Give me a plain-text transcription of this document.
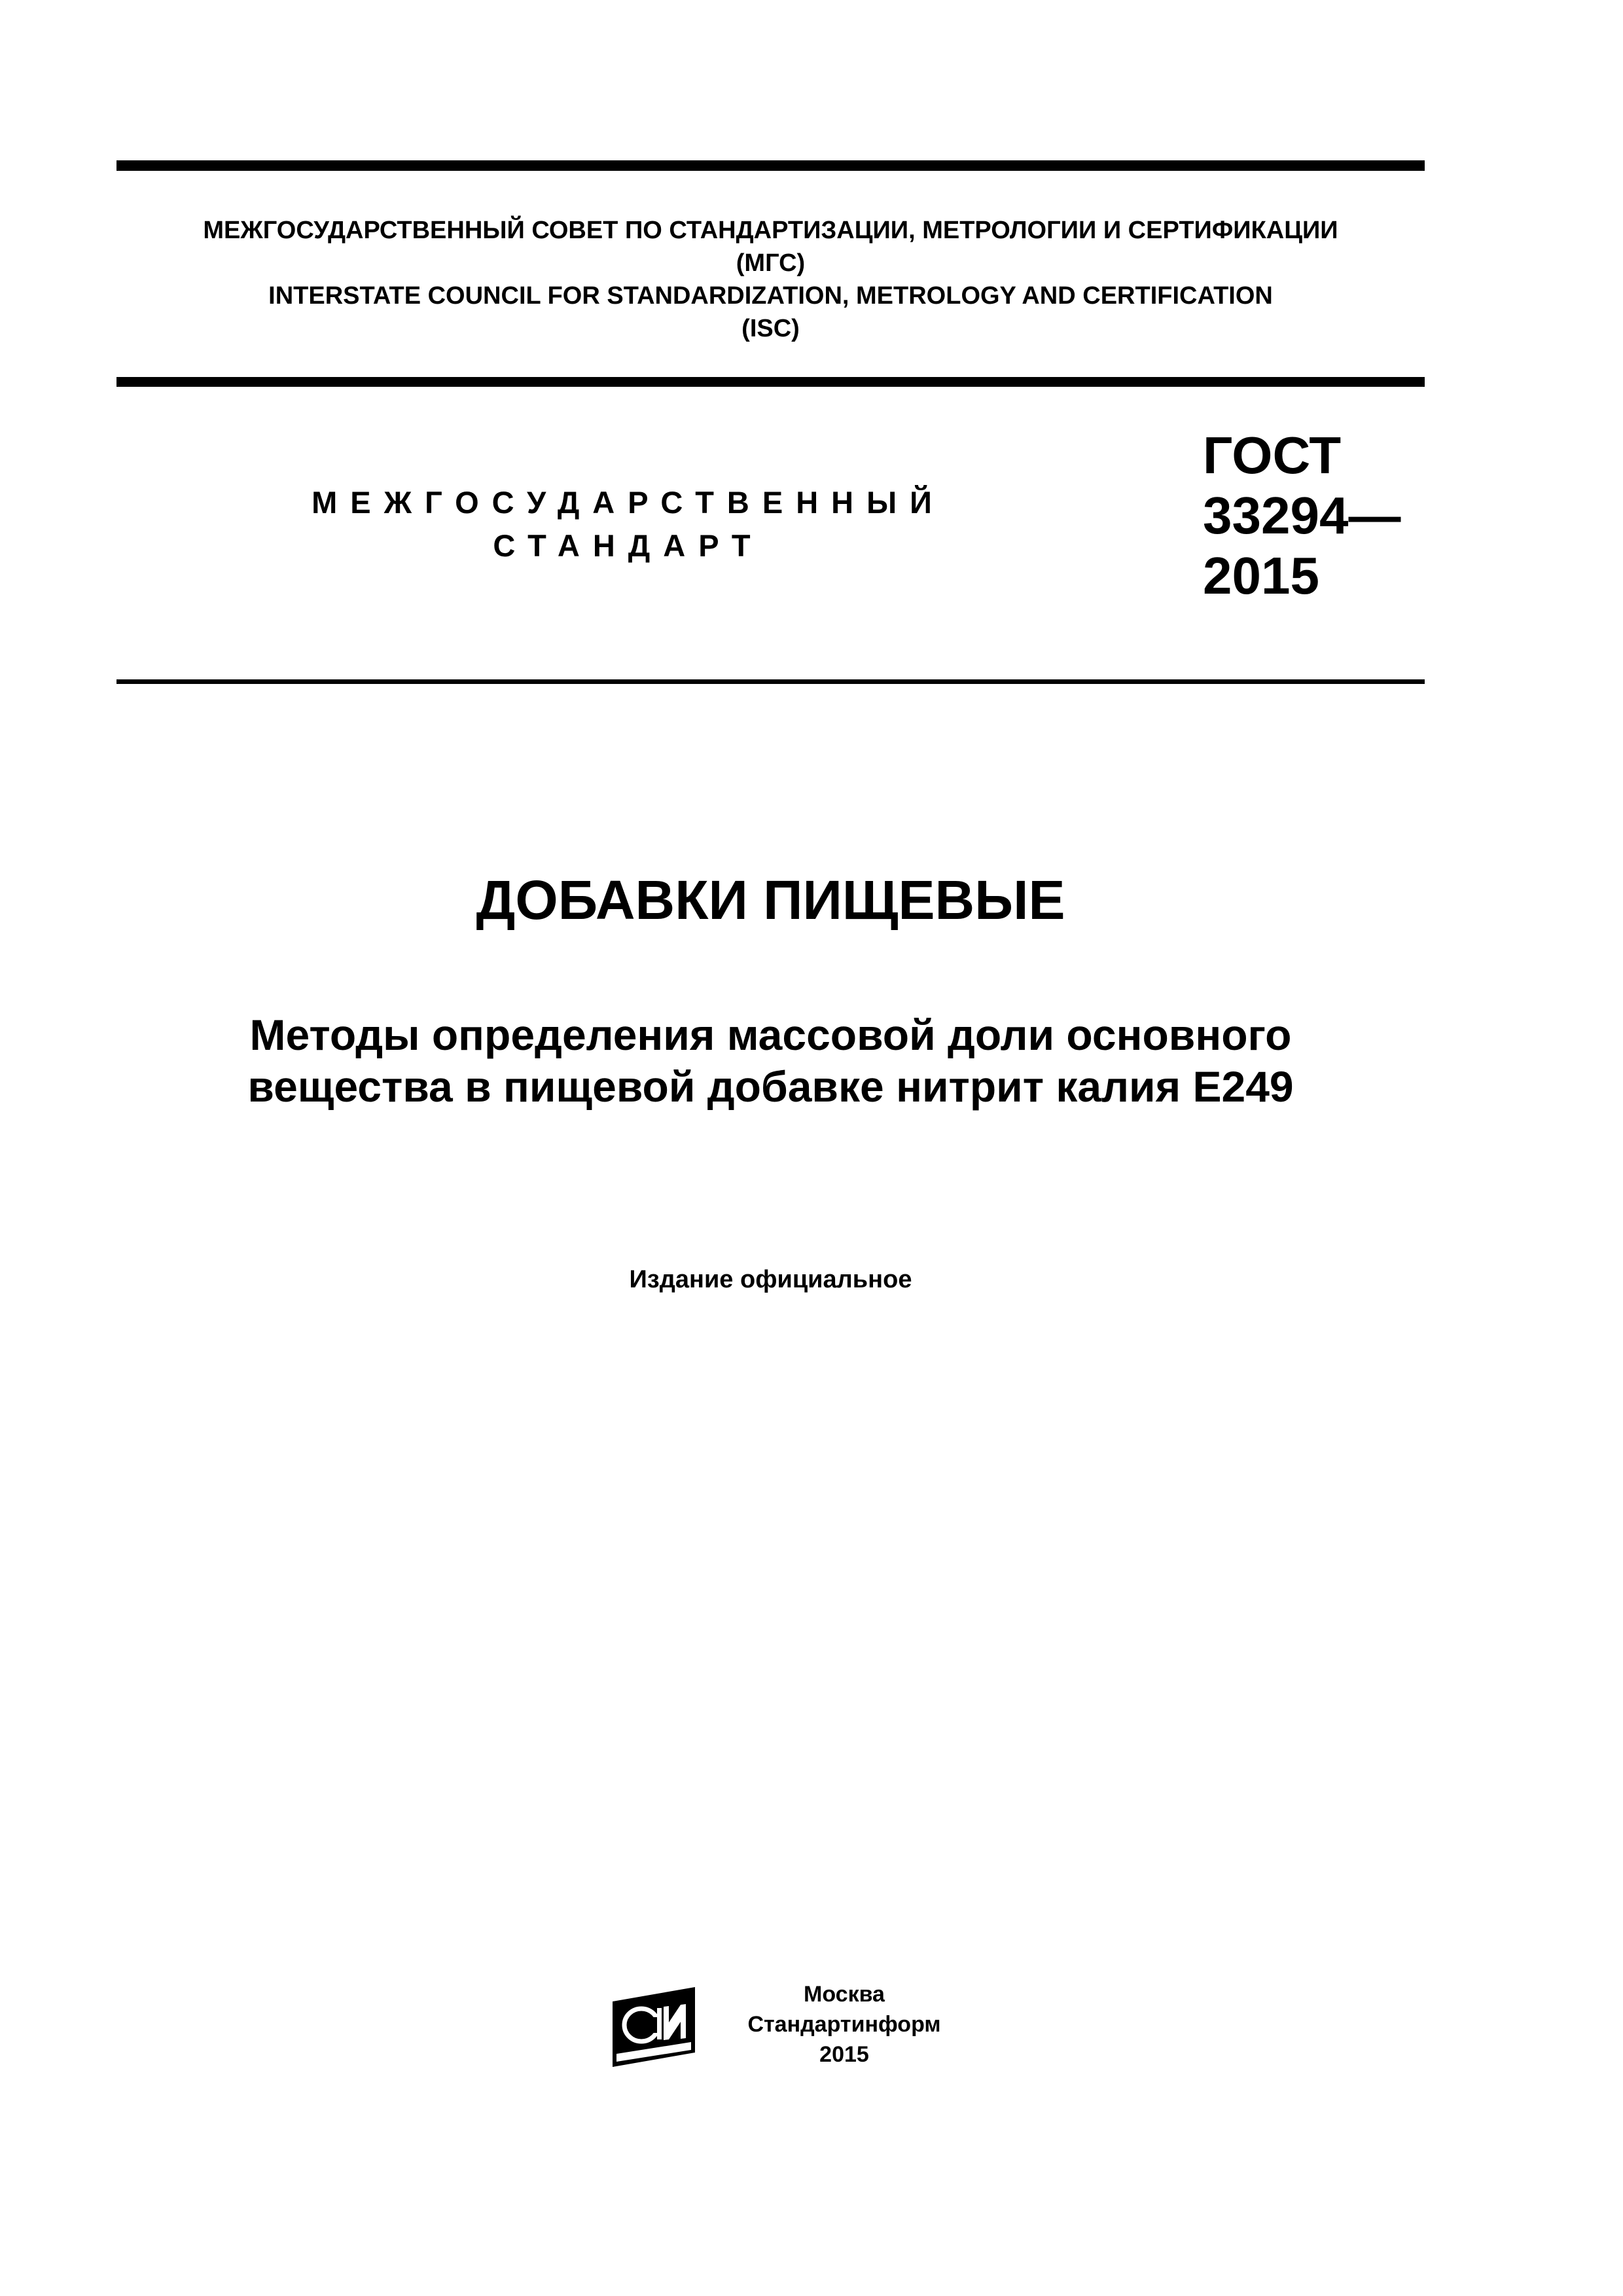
МЕЖГОСУДАРСТВЕННЫЙ СОВЕТ ПО СТАНДАРТИЗАЦИИ, МЕТРОЛОГИИ И СЕРТИФИКАЦИИ
(МГС)
INTERSTATE COUNCIL FOR STANDARDIZATION, METROLOGY AND CERTIFICATION
(ISC)
МЕЖГОСУДАРСТВЕННЫЙ
СТАНДАРТ
ГОСТ
33294—
2015
ДОБАВКИ ПИЩЕВЫЕ
Методы определения массовой доли основного
вещества в пищевой добавке нитрит калия Е249
Издание официальное
Москва
Стандартинформ
2015
